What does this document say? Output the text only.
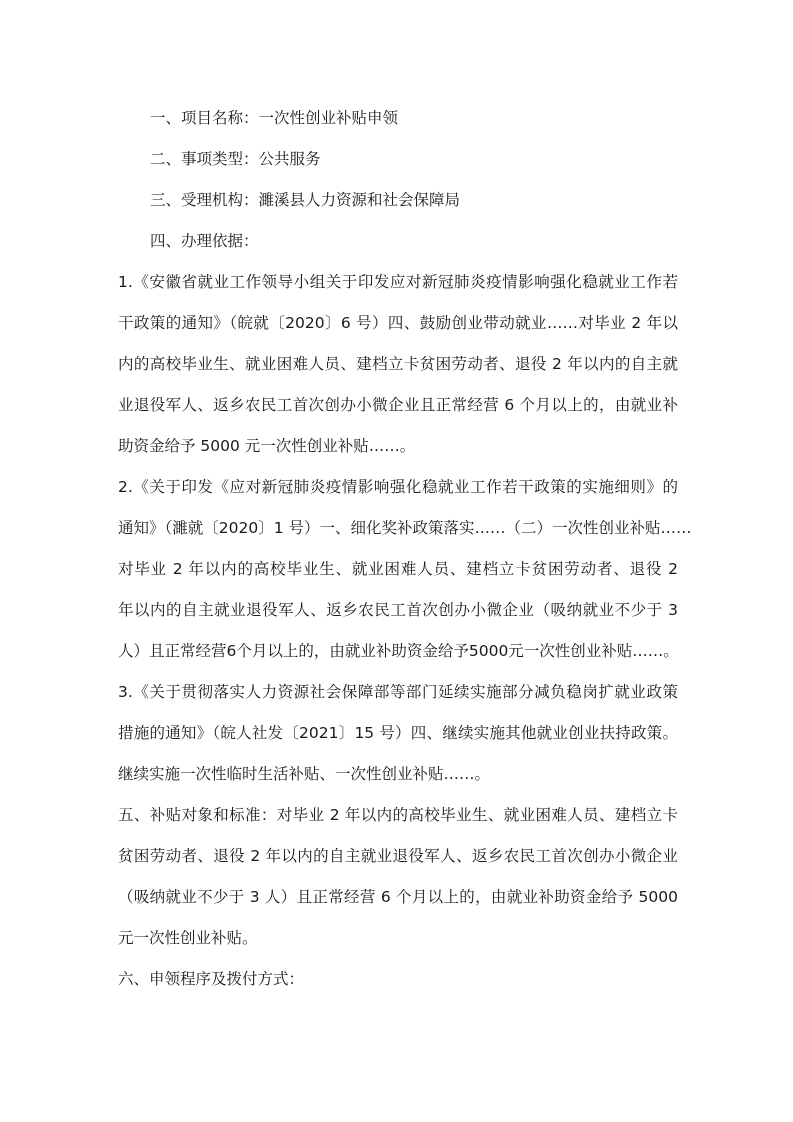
一、项目名称：一次性创业补贴申领

二、事项类型：公共服务

三、受理机构：濉溪县人力资源和社会保障局

四、办理依据：

1.《安徽省就业工作领导小组关于印发应对新冠肺炎疫情影响强化稳就业工作若

干政策的通知》（皖就〔2020〕6 号）四、鼓励创业带动就业……对毕业 2 年以

内的高校毕业生、就业困难人员、建档立卡贫困劳动者、退役 2 年以内的自主就

业退役军人、返乡农民工首次创办小微企业且正常经营 6 个月以上的，由就业补

助资金给予 5000 元一次性创业补贴……。

2.《关于印发《应对新冠肺炎疫情影响强化稳就业工作若干政策的实施细则》的

通知》（濉就〔2020〕1 号）一、细化奖补政策落实……（二）一次性创业补贴……

对毕业 2 年以内的高校毕业生、就业困难人员、建档立卡贫困劳动者、退役 2

年以内的自主就业退役军人、返乡农民工首次创办小微企业（吸纳就业不少于 3

人）且正常经营6个月以上的，由就业补助资金给予5000元一次性创业补贴……。

3.《关于贯彻落实人力资源社会保障部等部门延续实施部分减负稳岗扩就业政策

措施的通知》（皖人社发〔2021〕15 号）四、继续实施其他就业创业扶持政策。

继续实施一次性临时生活补贴、一次性创业补贴……。

五、补贴对象和标准：对毕业 2 年以内的高校毕业生、就业困难人员、建档立卡

贫困劳动者、退役 2 年以内的自主就业退役军人、返乡农民工首次创办小微企业

（吸纳就业不少于 3 人）且正常经营 6 个月以上的，由就业补助资金给予 5000

元一次性创业补贴。

六、申领程序及拨付方式：
